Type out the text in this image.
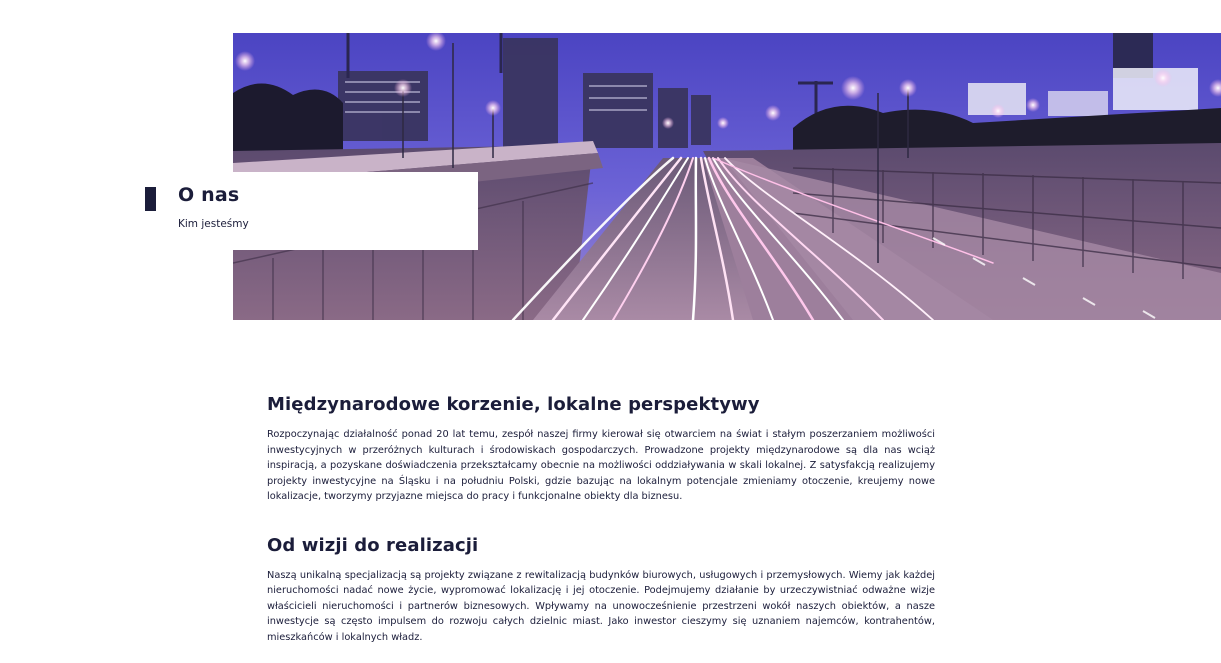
O nas

Kim jesteśmy

Międzynarodowe korzenie, lokalne perspektywy

Rozpoczynając działalność ponad 20 lat temu, zespół naszej firmy kierował się otwarciem na świat i stałym poszerzaniem możliwości inwestycyjnych w przeróżnych kulturach i środowiskach gospodarczych. Prowadzone projekty międzynarodowe są dla nas wciąż inspiracją, a pozyskane doświadczenia przekształcamy obecnie na możliwości oddziaływania w skali lokalnej. Z satysfakcją realizujemy projekty inwestycyjne na Śląsku i na południu Polski, gdzie bazując na lokalnym potencjale zmieniamy otoczenie, kreujemy nowe lokalizacje, tworzymy przyjazne miejsca do pracy i funkcjonalne obiekty dla biznesu.

Od wizji do realizacji

Naszą unikalną specjalizacją są projekty związane z rewitalizacją budynków biurowych, usługowych i przemysłowych. Wiemy jak każdej nieruchomości nadać nowe życie, wypromować lokalizację i jej otoczenie. Podejmujemy działanie by urzeczywistniać odważne wizje właścicieli nieruchomości i partnerów biznesowych. Wpływamy na unowocześnienie przestrzeni wokół naszych obiektów, a nasze inwestycje są często impulsem do rozwoju całych dzielnic miast. Jako inwestor cieszymy się uznaniem najemców, kontrahentów, mieszkańców i lokalnych władz.
